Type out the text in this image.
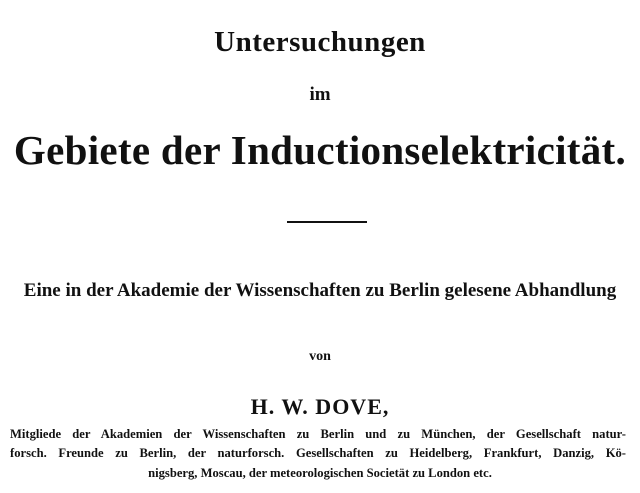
Untersuchungen
im
Gebiete der Inductionselektricität.
Eine in der Akademie der Wissenschaften zu Berlin gelesene Abhandlung
von
H. W. DOVE,
Mitgliede der Akademien der Wissenschaften zu Berlin und zu München, der Gesellschaft natur-
forsch. Freunde zu Berlin, der naturforsch. Gesellschaften zu Heidelberg, Frankfurt, Danzig, Kö-
nigsberg, Moscau, der meteorologischen Societät zu London etc.
